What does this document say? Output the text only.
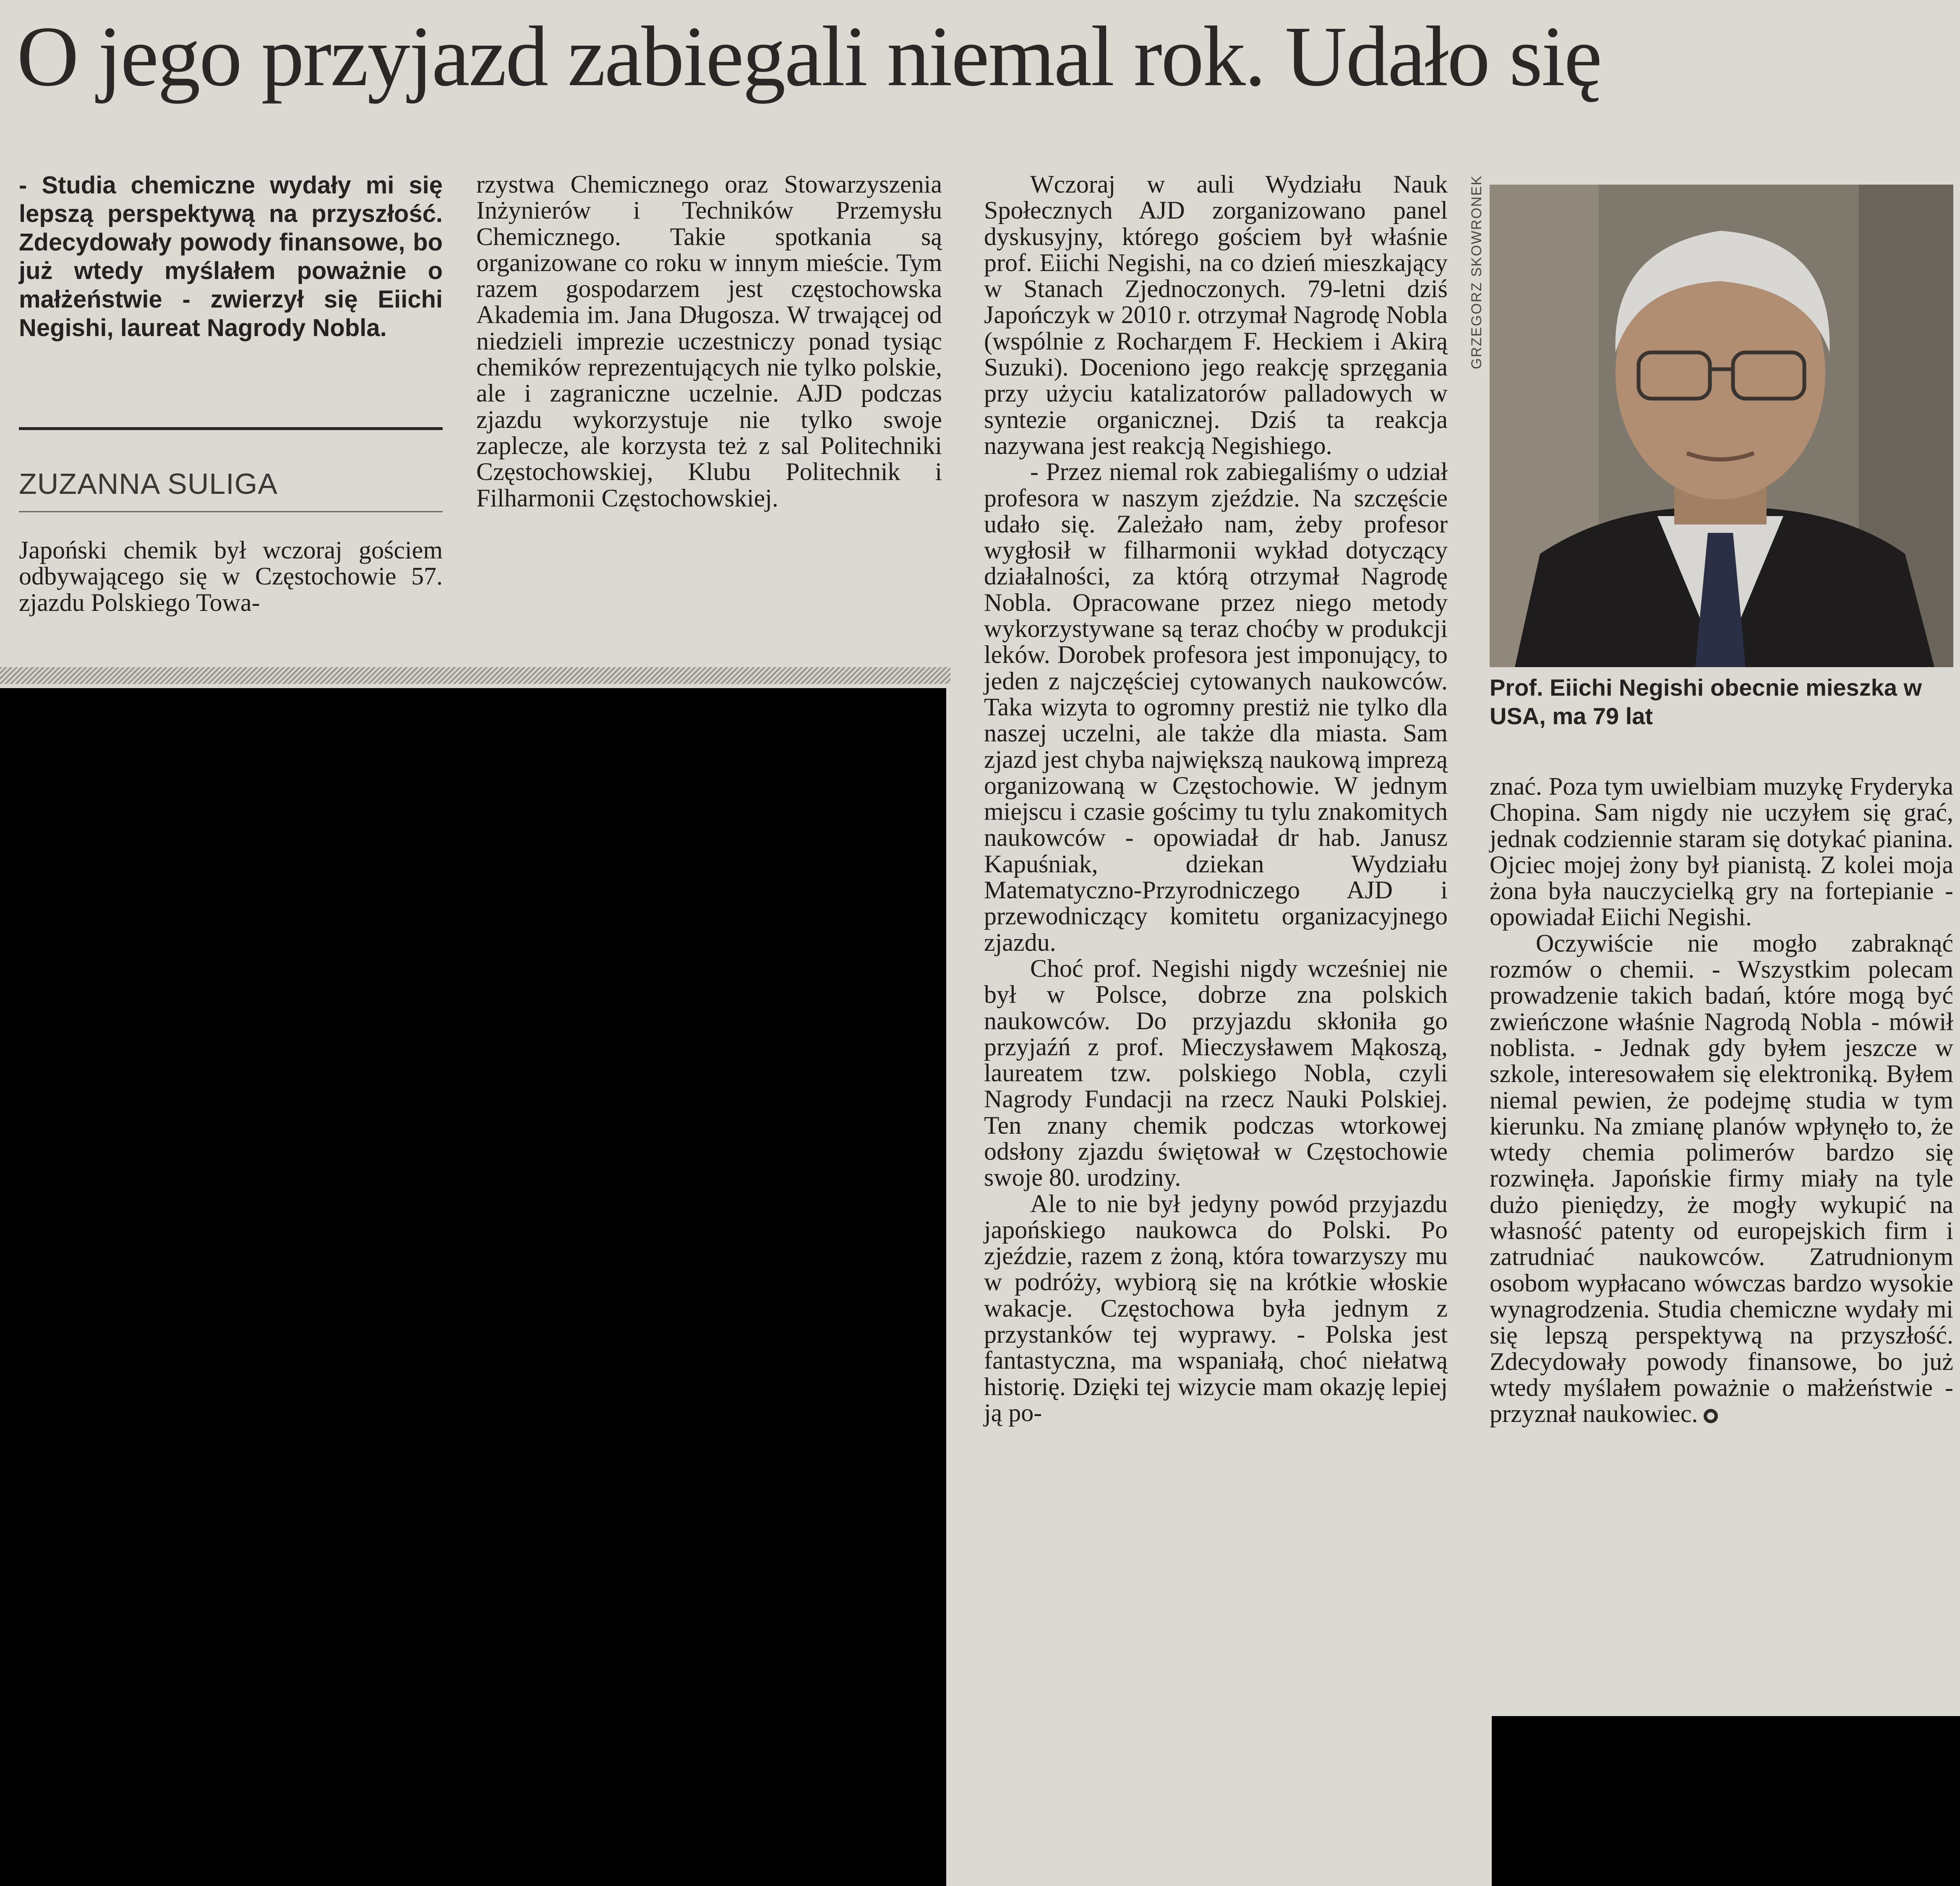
O jego przyjazd zabiegali niemal rok. Udało się
- Studia chemiczne wydały mi się lepszą perspektywą na przyszłość. Zdecydowały powody finansowe, bo już wtedy myślałem poważnie o małżeństwie - zwierzył się Eiichi Negishi, laureat Nagrody Nobla.
ZUZANNA SULIGA

Japoński chemik był wczoraj gościem odbywającego się w Częstochowie 57. zjazdu Polskiego Towa-

rzystwa Chemicznego oraz Stowarzyszenia Inżynierów i Techników Przemysłu Chemicznego. Takie spotkania są organizowane co roku w innym mieście. Tym razem gospodarzem jest częstochowska Akademia im. Jana Długosza. W trwającej od niedzieli imprezie uczestniczy ponad tysiąc chemików reprezentujących nie tylko polskie, ale i zagraniczne uczelnie. AJD podczas zjazdu wykorzystuje nie tylko swoje zaplecze, ale korzysta też z sal Politechniki Częstochowskiej, Klubu Politechnik i Filharmonii Częstochowskiej.

Wczoraj w auli Wydziału Nauk Społecznych AJD zorganizowano panel dyskusyjny, którego gościem był właśnie prof. Eiichi Negishi, na co dzień mieszkający w Stanach Zjednoczonych. 79-letni dziś Japończyk w 2010 r. otrzymał Nagrodę Nobla (wspólnie z Rocharдem F. Heckiem i Akirą Suzuki). Doceniono jego reakcję sprzęgania przy użyciu katalizatorów palladowych w syntezie organicznej. Dziś ta reakcja nazywana jest reakcją Negishiego.

- Przez niemal rok zabiegaliśmy o udział profesora w naszym zjeździe. Na szczęście udało się. Zależało nam, żeby profesor wygłosił w filharmonii wykład dotyczący działalności, za którą otrzymał Nagrodę Nobla. Opracowane przez niego metody wykorzystywane są teraz choćby w produkcji leków. Dorobek profesora jest imponujący, to jeden z najczęściej cytowanych naukowców. Taka wizyta to ogromny prestiż nie tylko dla naszej uczelni, ale także dla miasta. Sam zjazd jest chyba największą naukową imprezą organizowaną w Częstochowie. W jednym miejscu i czasie gościmy tu tylu znakomitych naukowców - opowiadał dr hab. Janusz Kapuśniak, dziekan Wydziału Matematyczno-Przyrodniczego AJD i przewodniczący komitetu organizacyjnego zjazdu.

Choć prof. Negishi nigdy wcześniej nie był w Polsce, dobrze zna polskich naukowców. Do przyjazdu skłoniła go przyjaźń z prof. Mieczysławem Mąkoszą, laureatem tzw. polskiego Nobla, czyli Nagrody Fundacji na rzecz Nauki Polskiej. Ten znany chemik podczas wtorkowej odsłony zjazdu świętował w Częstochowie swoje 80. urodziny.

Ale to nie był jedyny powód przyjazdu japońskiego naukowca do Polski. Po zjeździe, razem z żoną, która towarzyszy mu w podróży, wybiorą się na krótkie włoskie wakacje. Częstochowa była jednym z przystanków tej wyprawy. - Polska jest fantastyczna, ma wspaniałą, choć niełatwą historię. Dzięki tej wizycie mam okazję lepiej ją po-

GRZEGORZ SKOWRONEK
Prof. Eiichi Negishi obecnie mieszka w USA, ma 79 lat

znać. Poza tym uwielbiam muzykę Fryderyka Chopina. Sam nigdy nie uczyłem się grać, jednak codziennie staram się dotykać pianina. Ojciec mojej żony był pianistą. Z kolei moja żona była nauczycielką gry na fortepianie - opowiadał Eiichi Negishi.

Oczywiście nie mogło zabraknąć rozmów o chemii. - Wszystkim polecam prowadzenie takich badań, które mogą być zwieńczone właśnie Nagrodą Nobla - mówił noblista. - Jednak gdy byłem jeszcze w szkole, interesowałem się elektroniką. Byłem niemal pewien, że podejmę studia w tym kierunku. Na zmianę planów wpłynęło to, że wtedy chemia polimerów bardzo się rozwinęła. Japońskie firmy miały na tyle dużo pieniędzy, że mogły wykupić na własność patenty od europejskich firm i zatrudniać naukowców. Zatrudnionym osobom wypłacano wówczas bardzo wysokie wynagrodzenia. Studia chemiczne wydały mi się lepszą perspektywą na przyszłość. Zdecydowały powody finansowe, bo już wtedy myślałem poważnie o małżeństwie - przyznał naukowiec.
